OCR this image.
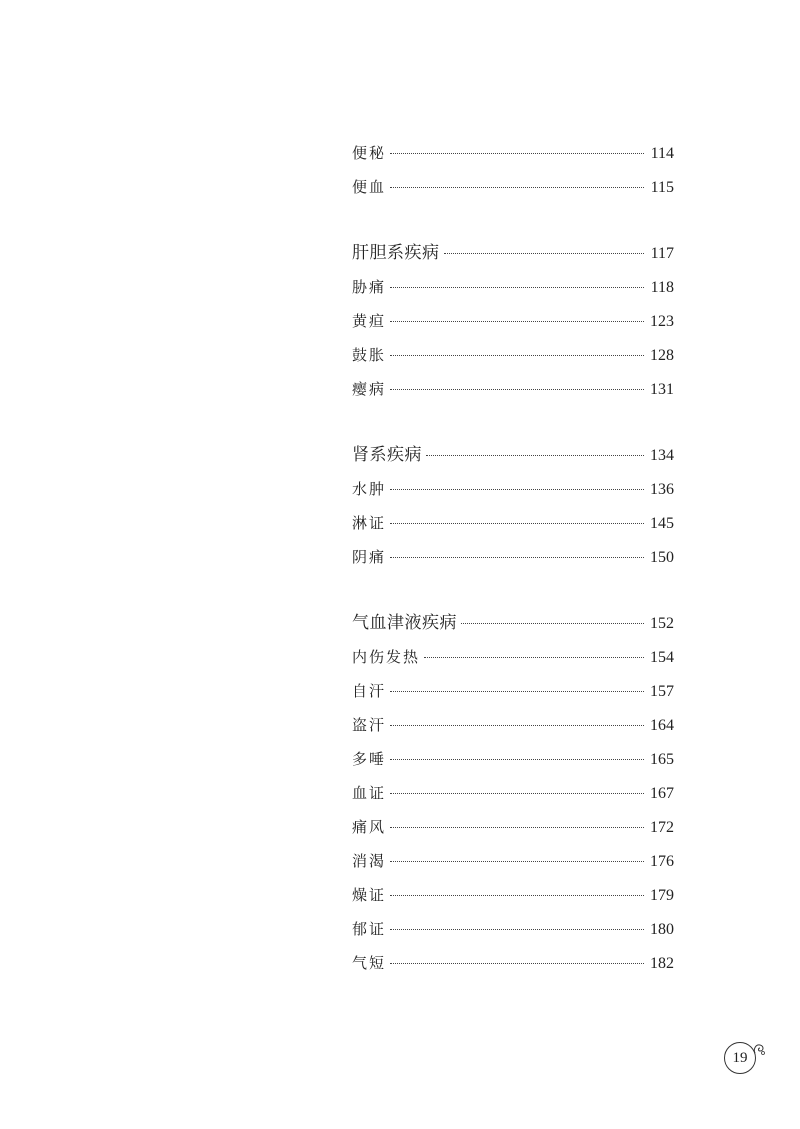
便秘	114
便血	115
肝胆系疾病	117
胁痛	118
黄疸	123
鼓胀	128
瘿病	131
肾系疾病	134
水肿	136
淋证	145
阴痛	150
气血津液疾病	152
内伤发热	154
自汗	157
盗汗	164
多唾	165
血证	167
痛风	172
消渴	176
燥证	179
郁证	180
气短	182
19
